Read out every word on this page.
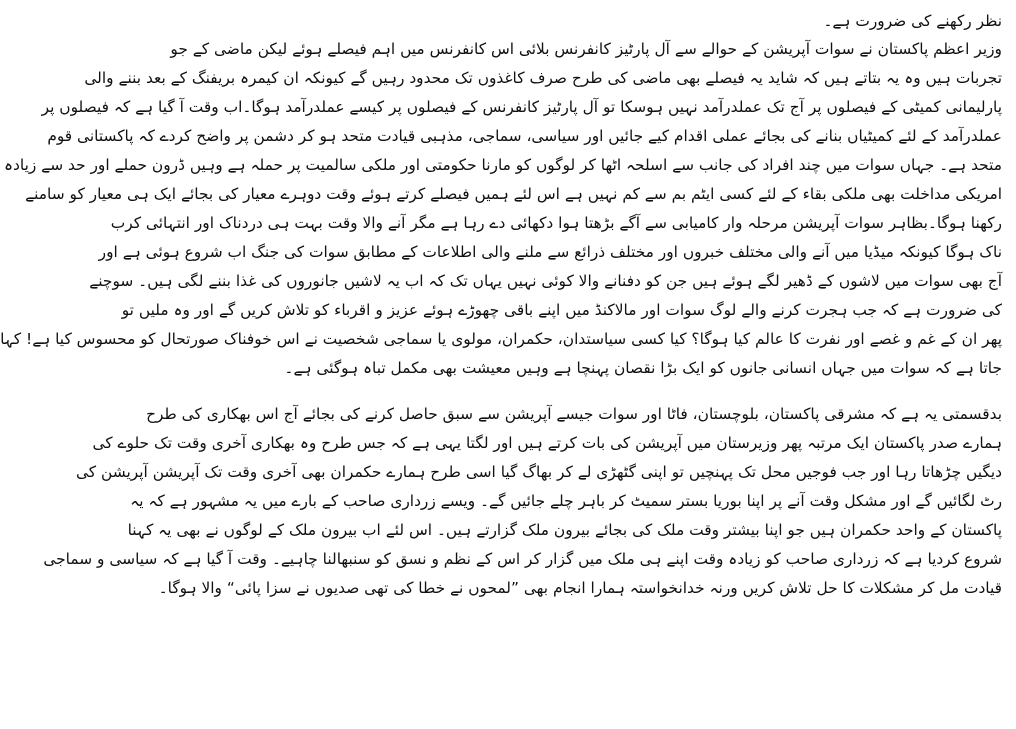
نظر رکھنے کی ضرورت ہے۔
وزیر اعظم پاکستان نے سوات آپریشن کے حوالے سے آل پارٹیز کانفرنس بلائی اس کانفرنس میں اہم فیصلے ہوئے لیکن ماضی کے جو
تجربات ہیں وہ یہ بتاتے ہیں کہ شاید یہ فیصلے بھی ماضی کی طرح صرف کاغذوں تک محدود رہیں گے کیونکہ ان کیمرہ بریفنگ کے بعد بننے والی
پارلیمانی کمیٹی کے فیصلوں پر آج تک عملدرآمد نہیں ہوسکا تو آل پارٹیز کانفرنس کے فیصلوں پر کیسے عملدرآمد ہوگا۔اب وقت آ گیا ہے کہ فیصلوں پر
عملدرآمد کے لئے کمیٹیاں بنانے کی بجائے عملی اقدام کیے جائیں اور سیاسی، سماجی، مذہبی قیادت متحد ہو کر دشمن پر واضح کردے کہ پاکستانی قوم
متحد ہے۔ جہاں سوات میں چند افراد کی جانب سے اسلحہ اٹھا کر لوگوں کو مارنا حکومتی اور ملکی سالمیت پر حملہ ہے وہیں ڈرون حملے اور حد سے زیادہ
امریکی مداخلت بھی ملکی بقاء کے لئے کسی ایٹم بم سے کم نہیں ہے اس لئے ہمیں فیصلے کرتے ہوئے وقت دوہرے معیار کی بجائے ایک ہی معیار کو سامنے
رکھنا ہوگا۔بظاہر سوات آپریشن مرحلہ وار کامیابی سے آگے بڑھتا ہوا دکھائی دے رہا ہے مگر آنے والا وقت بہت ہی دردناک اور انتہائی کرب
ناک ہوگا کیونکہ میڈیا میں آنے والی مختلف خبروں اور مختلف ذرائع سے ملنے والی اطلاعات کے مطابق سوات کی جنگ اب شروع ہوئی ہے اور
آج بھی سوات میں لاشوں کے ڈھیر لگے ہوئے ہیں جن کو دفنانے والا کوئی نہیں یہاں تک کہ اب یہ لاشیں جانوروں کی غذا بننے لگی ہیں۔ سوچنے
کی ضرورت ہے کہ جب ہجرت کرنے والے لوگ سوات اور مالاکنڈ میں اپنے باقی چھوڑے ہوئے عزیز و اقرباء کو تلاش کریں گے اور وہ ملیں تو
پھر ان کے غم و غصے اور نفرت کا عالم کیا ہوگا؟ کیا کسی سیاستدان، حکمران، مولوی یا سماجی شخصیت نے اس خوفناک صورتحال کو محسوس کیا ہے! کہا
جاتا ہے کہ سوات میں جہاں انسانی جانوں کو ایک بڑا نقصان پہنچا ہے وہیں معیشت بھی مکمل تباہ ہوگئی ہے۔
بدقسمتی یہ ہے کہ مشرقی پاکستان، بلوچستان، فاٹا اور سوات جیسے آپریشن سے سبق حاصل کرنے کی بجائے آج اس بھکاری کی طرح
ہمارے صدر پاکستان ایک مرتبہ پھر وزیرستان میں آپریشن کی بات کرتے ہیں اور لگتا یہی ہے کہ جس طرح وہ بھکاری آخری وقت تک حلوے کی
دیگیں چڑھاتا رہا اور جب فوجیں محل تک پہنچیں تو اپنی گٹھڑی لے کر بھاگ گیا اسی طرح ہمارے حکمران بھی آخری وقت تک آپریشن آپریشن کی
رٹ لگائیں گے اور مشکل وقت آنے پر اپنا بوریا بستر سمیٹ کر باہر چلے جائیں گے۔ ویسے زرداری صاحب کے بارے میں یہ مشہور ہے کہ یہ
پاکستان کے واحد حکمران ہیں جو اپنا بیشتر وقت ملک کی بجائے بیرون ملک گزارتے ہیں۔ اس لئے اب بیرون ملک کے لوگوں نے بھی یہ کہنا
شروع کردیا ہے کہ زرداری صاحب کو زیادہ وقت اپنے ہی ملک میں گزار کر اس کے نظم و نسق کو سنبھالنا چاہیے۔ وقت آ گیا ہے کہ سیاسی و سماجی
قیادت مل کر مشکلات کا حل تلاش کریں ورنہ خدانخواستہ ہمارا انجام بھی ”لمحوں نے خطا کی تھی صدیوں نے سزا پائی“ والا ہوگا۔
